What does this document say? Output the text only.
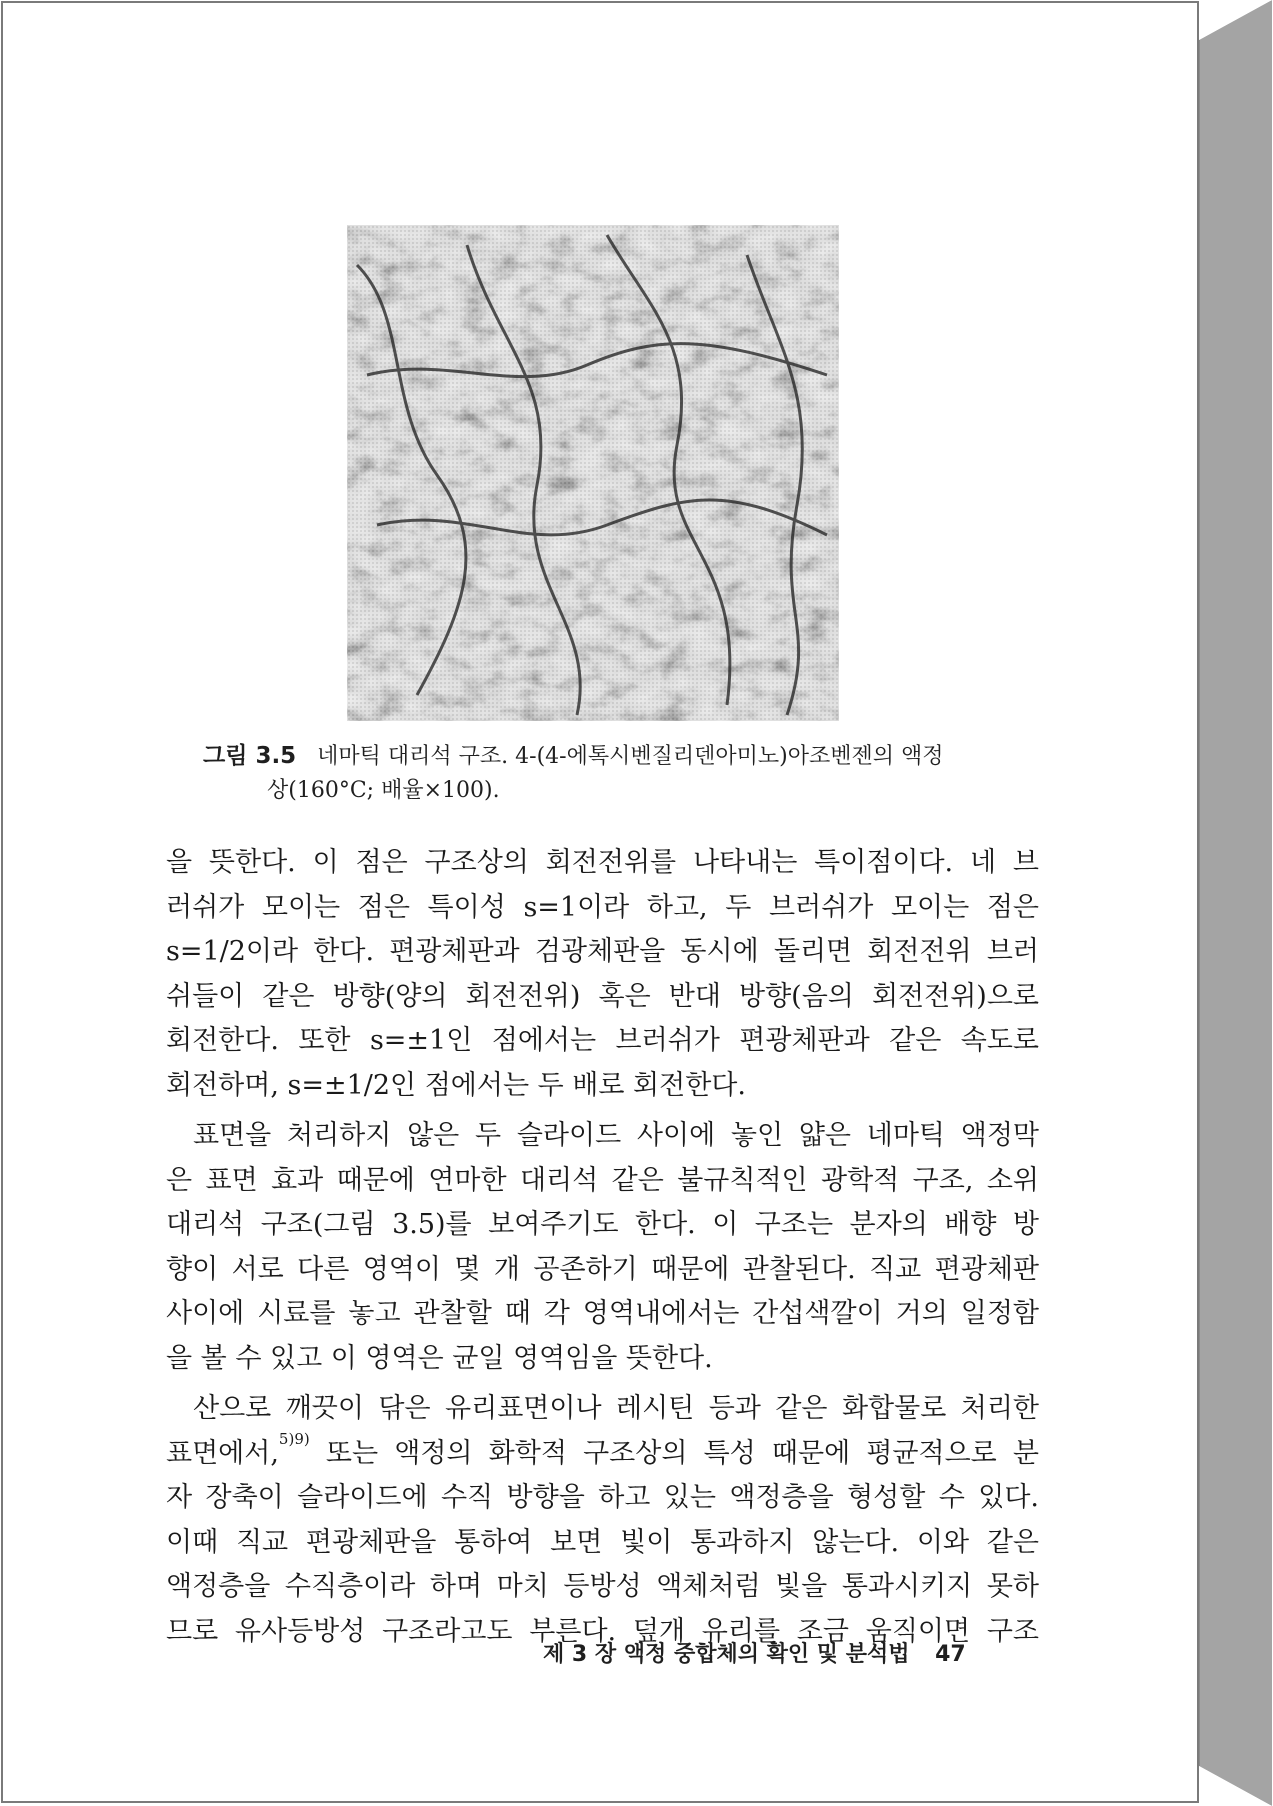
그림 3.5 네마틱 대리석 구조. 4-(4-에톡시벤질리덴아미노)아조벤젠의 액정
상(160°C; 배율×100).
을 뜻한다. 이 점은 구조상의 회전전위를 나타내는 특이점이다. 네 브
러쉬가 모이는 점은 특이성 s=1이라 하고, 두 브러쉬가 모이는 점은
s=1/2이라 한다. 편광체판과 검광체판을 동시에 돌리면 회전전위 브러
쉬들이 같은 방향(양의 회전전위) 혹은 반대 방향(음의 회전전위)으로
회전한다. 또한 s=±1인 점에서는 브러쉬가 편광체판과 같은 속도로
회전하며, s=±1/2인 점에서는 두 배로 회전한다.
표면을 처리하지 않은 두 슬라이드 사이에 놓인 얇은 네마틱 액정막
은 표면 효과 때문에 연마한 대리석 같은 불규칙적인 광학적 구조, 소위
대리석 구조(그림 3.5)를 보여주기도 한다. 이 구조는 분자의 배향 방
향이 서로 다른 영역이 몇 개 공존하기 때문에 관찰된다. 직교 편광체판
사이에 시료를 놓고 관찰할 때 각 영역내에서는 간섭색깔이 거의 일정함
을 볼 수 있고 이 영역은 균일 영역임을 뜻한다.
산으로 깨끗이 닦은 유리표면이나 레시틴 등과 같은 화합물로 처리한
표면에서,$^{5)9)}$ 또는 액정의 화학적 구조상의 특성 때문에 평균적으로 분
자 장축이 슬라이드에 수직 방향을 하고 있는 액정층을 형성할 수 있다.
이때 직교 편광체판을 통하여 보면 빛이 통과하지 않는다. 이와 같은
액정층을 수직층이라 하며 마치 등방성 액체처럼 빛을 통과시키지 못하
므로 유사등방성 구조라고도 부른다. 덮개 유리를 조금 움직이면 구조
제 3 장 액정 중합체의 확인 및 분석법 47
